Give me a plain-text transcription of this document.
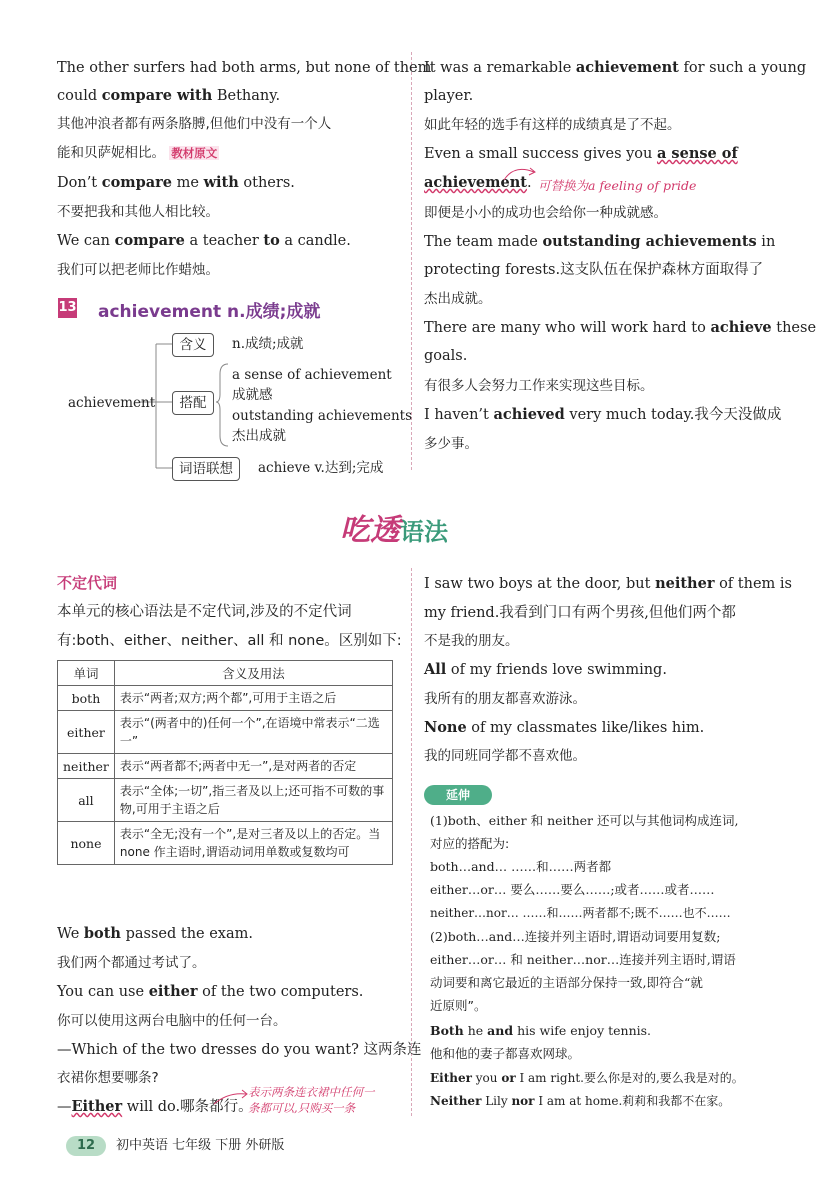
The other surfers had both arms, but none of them
could compare with Bethany.
其他冲浪者都有两条胳膊,但他们中没有一个人
能和贝萨妮相比。 教材原文
Don’t compare me with others.
不要把我和其他人相比较。
We can compare a teacher to a candle.
我们可以把老师比作蜡烛。
13 achievement n.成绩;成就
achievement
含义	n.成绩;成就
搭配
a sense of achievement
成就感
outstanding achievements
杰出成就
词语联想	achieve v.达到;完成
It was a remarkable achievement for such a young
player.
如此年轻的选手有这样的成绩真是了不起。
Even a small success gives you a sense of
achievement. 可替换为a feeling of pride
即便是小小的成功也会给你一种成就感。
The team made outstanding achievements in
protecting forests.这支队伍在保护森林方面取得了
杰出成就。
There are many who will work hard to achieve these
goals.
有很多人会努力工作来实现这些目标。
I haven’t achieved very much today.我今天没做成
多少事。
吃透语法
不定代词
本单元的核心语法是不定代词,涉及的不定代词
有:both、either、neither、all 和 none。区别如下:
单词	含义及用法
both	表示“两者;双方;两个都”,可用于主语之后
either	表示“(两者中的)任何一个”,在语境中常表示“二选一”
neither	表示“两者都不;两者中无一”,是对两者的否定
all	表示“全体;一切”,指三者及以上;还可指不可数的事物,可用于主语之后
none	表示“全无;没有一个”,是对三者及以上的否定。当 none 作主语时,谓语动词用单数或复数均可
We both passed the exam.
我们两个都通过考试了。
You can use either of the two computers.
你可以使用这两台电脑中的任何一台。
—Which of the two dresses do you want? 这两条连
衣裙你想要哪条?
—Either will do.哪条都行。
表示两条连衣裙中任何一
条都可以,只购买一条
I saw two boys at the door, but neither of them is
my friend.我看到门口有两个男孩,但他们两个都
不是我的朋友。
All of my friends love swimming.
我所有的朋友都喜欢游泳。
None of my classmates like/likes him.
我的同班同学都不喜欢他。
延伸
(1)both、either 和 neither 还可以与其他词构成连词,
对应的搭配为:
both…and… ……和……两者都
either…or… 要么……要么……;或者……或者……
neither…nor… ……和……两者都不;既不……也不……
(2)both…and…连接并列主语时,谓语动词要用复数;
either…or… 和 neither…nor…连接并列主语时,谓语
动词要和离它最近的主语部分保持一致,即符合“就
近原则”。
Both he and his wife enjoy tennis.
他和他的妻子都喜欢网球。
Either you or I am right.要么你是对的,要么我是对的。
Neither Lily nor I am at home.莉莉和我都不在家。
12	初中英语 七年级 下册 外研版
